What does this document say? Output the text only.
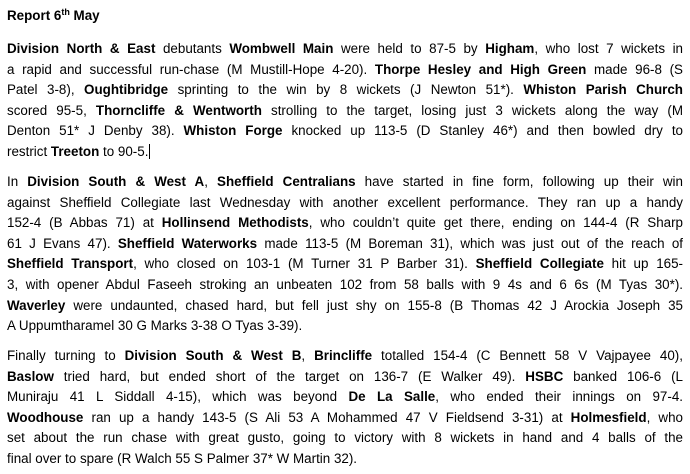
Report 6th May
Division North & East debutants Wombwell Main were held to 87-5 by Higham, who lost 7 wickets in
a rapid and successful run-chase (M Mustill-Hope 4-20). Thorpe Hesley and High Green made 96-8 (S
Patel 3-8), Oughtibridge sprinting to the win by 8 wickets (J Newton 51*). Whiston Parish Church
scored 95-5, Thorncliffe & Wentworth strolling to the target, losing just 3 wickets along the way (M
Denton 51* J Denby 38). Whiston Forge knocked up 113-5 (D Stanley 46*) and then bowled dry to
restrict Treeton to 90-5.
In Division South & West A, Sheffield Centralians have started in fine form, following up their win
against Sheffield Collegiate last Wednesday with another excellent performance. They ran up a handy
152-4 (B Abbas 71) at Hollinsend Methodists, who couldn’t quite get there, ending on 144-4 (R Sharp
61 J Evans 47). Sheffield Waterworks made 113-5 (M Boreman 31), which was just out of the reach of
Sheffield Transport, who closed on 103-1 (M Turner 31 P Barber 31). Sheffield Collegiate hit up 165-
3, with opener Abdul Faseeh stroking an unbeaten 102 from 58 balls with 9 4s and 6 6s (M Tyas 30*).
Waverley were undaunted, chased hard, but fell just shy on 155-8 (B Thomas 42 J Arockia Joseph 35
A Uppumtharamel 30 G Marks 3-38 O Tyas 3-39).
Finally turning to Division South & West B, Brincliffe totalled 154-4 (C Bennett 58 V Vajpayee 40),
Baslow tried hard, but ended short of the target on 136-7 (E Walker 49). HSBC banked 106-6 (L
Muniraju 41 L Siddall 4-15), which was beyond De La Salle, who ended their innings on 97-4.
Woodhouse ran up a handy 143-5 (S Ali 53 A Mohammed 47 V Fieldsend 3-31) at Holmesfield, who
set about the run chase with great gusto, going to victory with 8 wickets in hand and 4 balls of the
final over to spare (R Walch 55 S Palmer 37* W Martin 32).
